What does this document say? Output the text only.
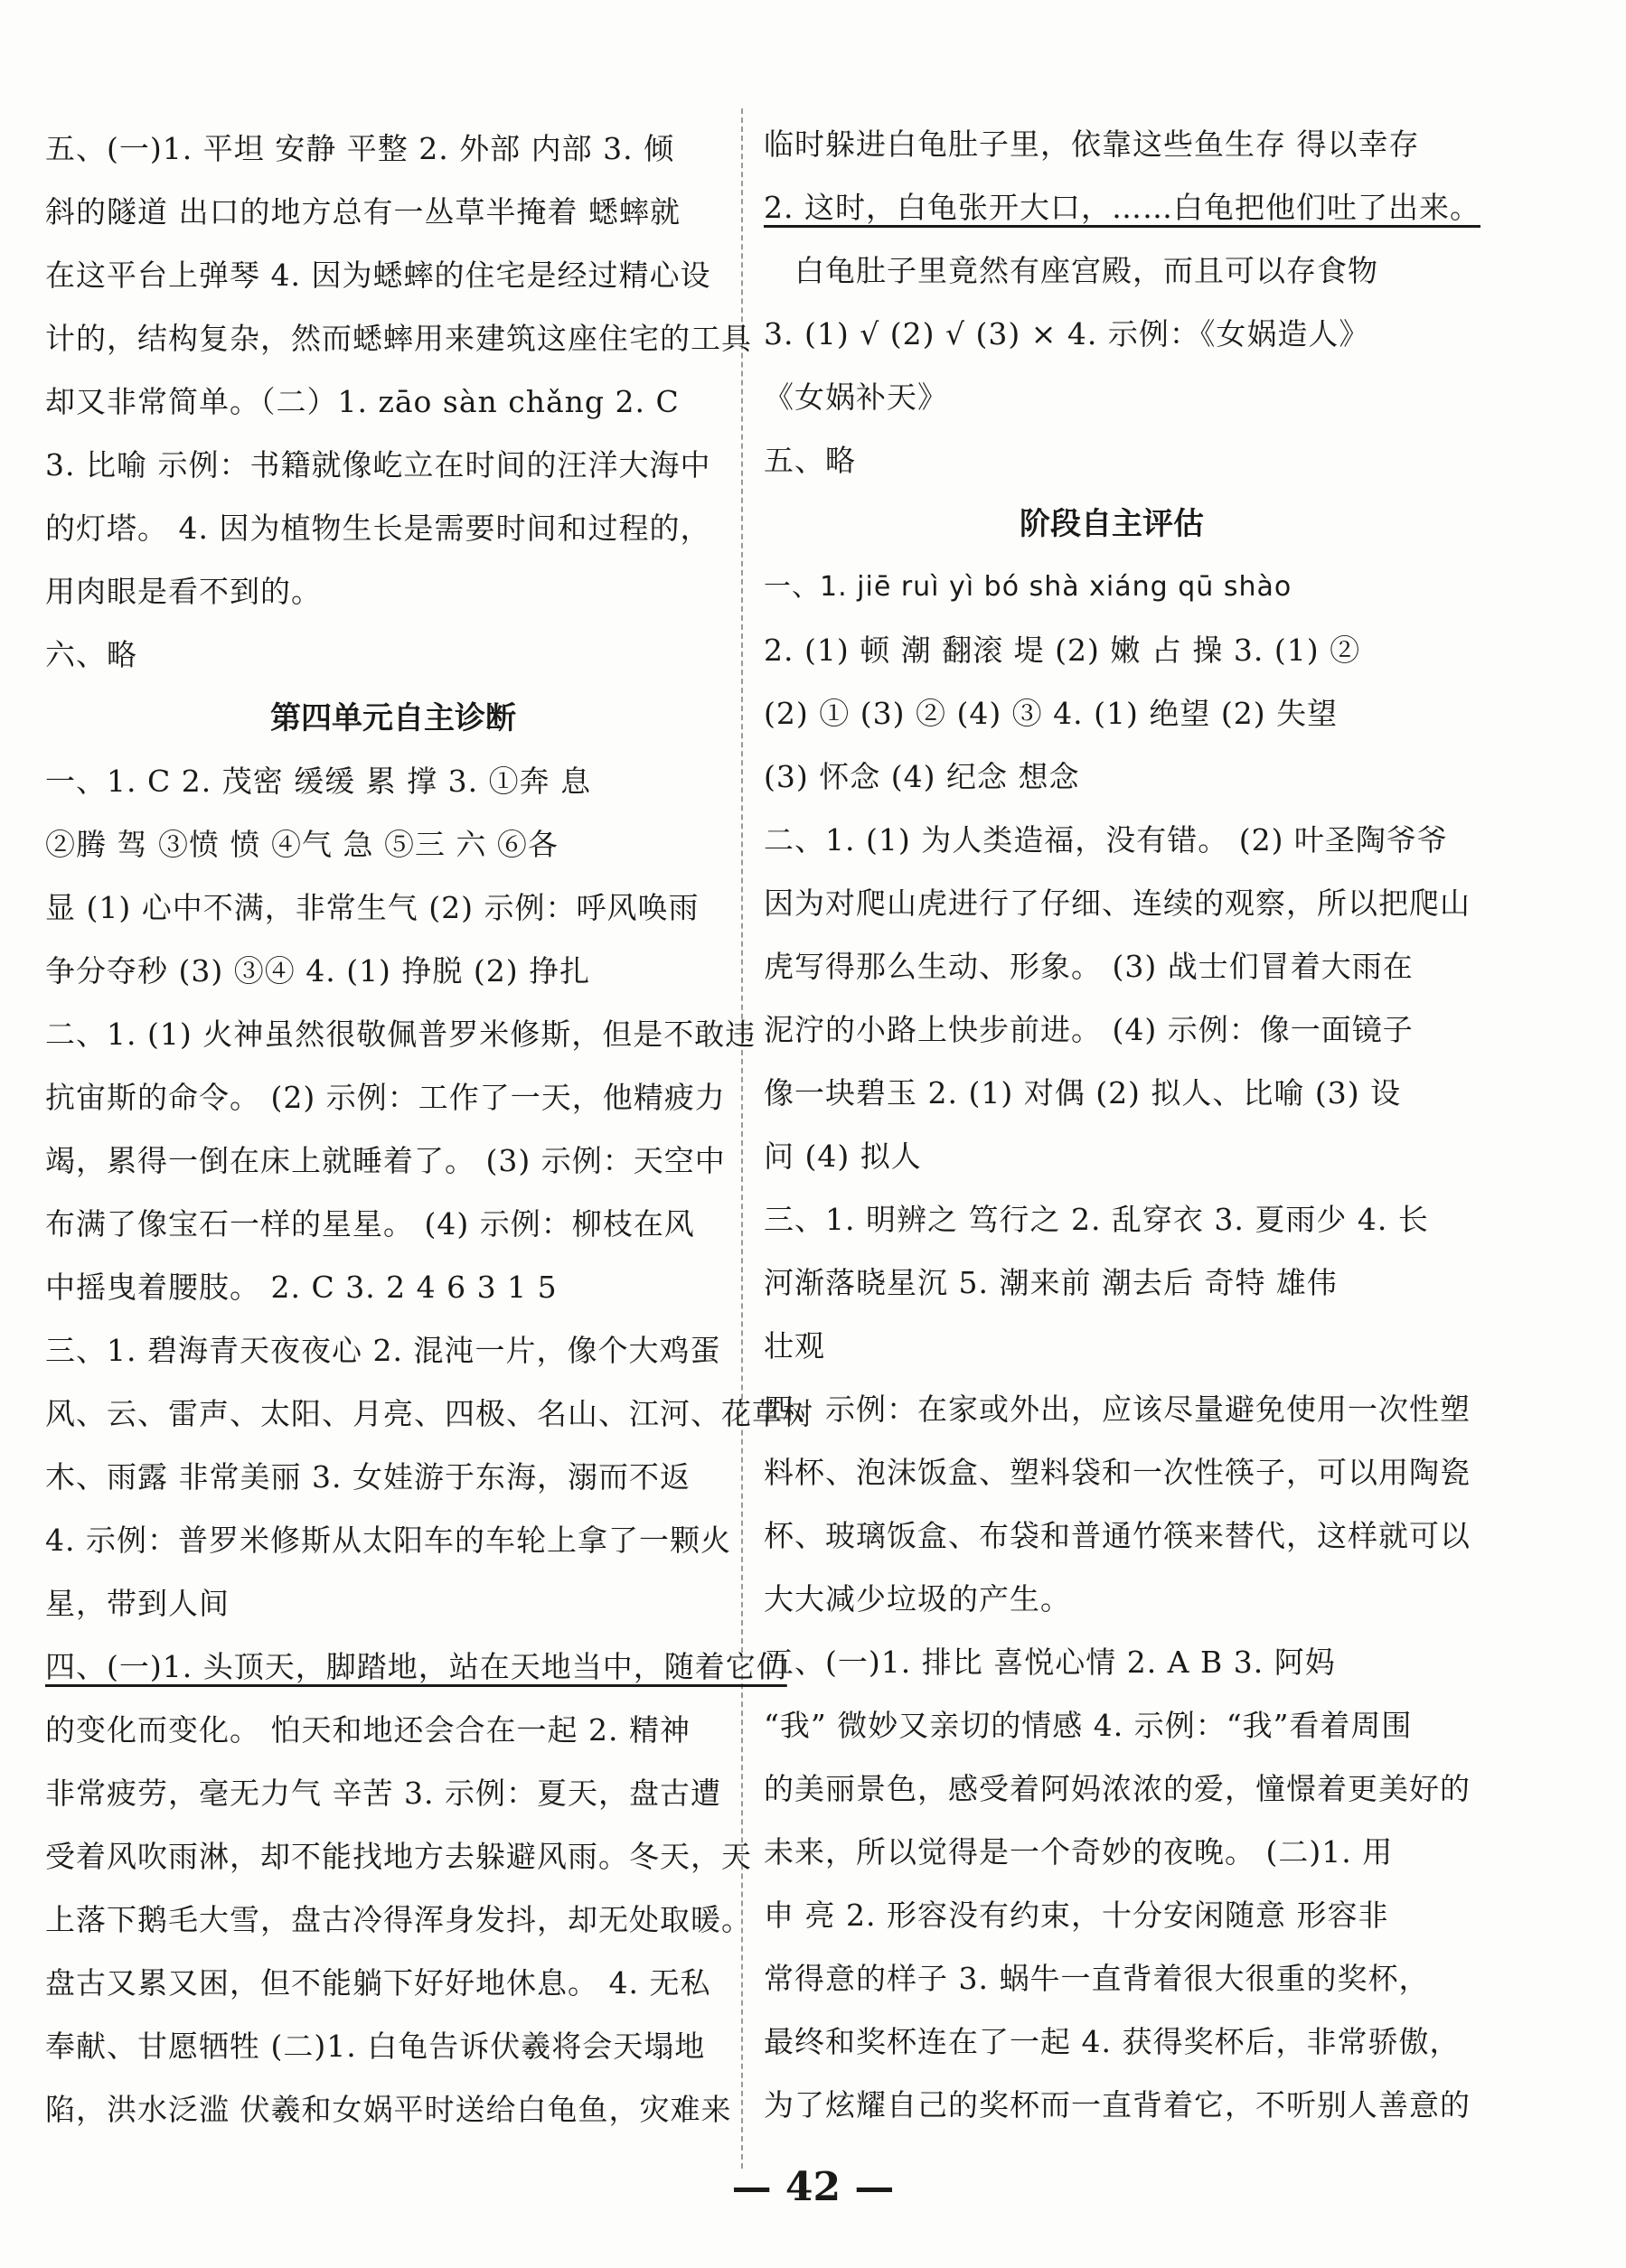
五、(一)1. 平坦 安静 平整 2. 外部 内部 3. 倾
斜的隧道 出口的地方总有一丛草半掩着 蟋蟀就
在这平台上弹琴 4. 因为蟋蟀的住宅是经过精心设
计的，结构复杂，然而蟋蟀用来建筑这座住宅的工具
却又非常简单。（二）1. zāo sàn chǎng 2. C
3. 比喻 示例：书籍就像屹立在时间的汪洋大海中
的灯塔。 4. 因为植物生长是需要时间和过程的，
用肉眼是看不到的。
六、略
第四单元自主诊断
一、1. C 2. 茂密 缓缓 累 撑 3. ①奔 息
②腾 驾 ③愤 愤 ④气 急 ⑤三 六 ⑥各
显 (1) 心中不满，非常生气 (2) 示例：呼风唤雨
争分夺秒 (3) ③④ 4. (1) 挣脱 (2) 挣扎
二、1. (1) 火神虽然很敬佩普罗米修斯，但是不敢违
抗宙斯的命令。 (2) 示例：工作了一天，他精疲力
竭，累得一倒在床上就睡着了。 (3) 示例：天空中
布满了像宝石一样的星星。 (4) 示例：柳枝在风
中摇曳着腰肢。 2. C 3. 2 4 6 3 1 5
三、1. 碧海青天夜夜心 2. 混沌一片，像个大鸡蛋
风、云、雷声、太阳、月亮、四极、名山、江河、花草树
木、雨露 非常美丽 3. 女娃游于东海，溺而不返
4. 示例：普罗米修斯从太阳车的车轮上拿了一颗火
星，带到人间
四、(一)1. 头顶天，脚踏地，站在天地当中，随着它们
的变化而变化。 怕天和地还会合在一起 2. 精神
非常疲劳，毫无力气 辛苦 3. 示例：夏天，盘古遭
受着风吹雨淋，却不能找地方去躲避风雨。冬天，天
上落下鹅毛大雪，盘古冷得浑身发抖，却无处取暖。
盘古又累又困，但不能躺下好好地休息。 4. 无私
奉献、甘愿牺牲 (二)1. 白龟告诉伏羲将会天塌地
陷，洪水泛滥 伏羲和女娲平时送给白龟鱼，灾难来
临时躲进白龟肚子里，依靠这些鱼生存 得以幸存
2. 这时，白龟张开大口，……白龟把他们吐了出来。
白龟肚子里竟然有座宫殿，而且可以存食物
3. (1) √ (2) √ (3) × 4. 示例：《女娲造人》
《女娲补天》
五、略
阶段自主评估
一、1. jiē ruì yì bó shà xiáng qū shào
2. (1) 顿 潮 翻滚 堤 (2) 嫩 占 操 3. (1) ②
(2) ① (3) ② (4) ③ 4. (1) 绝望 (2) 失望
(3) 怀念 (4) 纪念 想念
二、1. (1) 为人类造福，没有错。 (2) 叶圣陶爷爷
因为对爬山虎进行了仔细、连续的观察，所以把爬山
虎写得那么生动、形象。 (3) 战士们冒着大雨在
泥泞的小路上快步前进。 (4) 示例：像一面镜子
像一块碧玉 2. (1) 对偶 (2) 拟人、比喻 (3) 设
问 (4) 拟人
三、1. 明辨之 笃行之 2. 乱穿衣 3. 夏雨少 4. 长
河渐落晓星沉 5. 潮来前 潮去后 奇特 雄伟
壮观
四、示例：在家或外出，应该尽量避免使用一次性塑
料杯、泡沫饭盒、塑料袋和一次性筷子，可以用陶瓷
杯、玻璃饭盒、布袋和普通竹筷来替代，这样就可以
大大减少垃圾的产生。
五、(一)1. 排比 喜悦心情 2. A B 3. 阿妈
“我” 微妙又亲切的情感 4. 示例：“我”看着周围
的美丽景色，感受着阿妈浓浓的爱，憧憬着更美好的
未来，所以觉得是一个奇妙的夜晚。 (二)1. 用
申 亮 2. 形容没有约束，十分安闲随意 形容非
常得意的样子 3. 蜗牛一直背着很大很重的奖杯，
最终和奖杯连在了一起 4. 获得奖杯后，非常骄傲，
为了炫耀自己的奖杯而一直背着它，不听别人善意的
— 42 —
